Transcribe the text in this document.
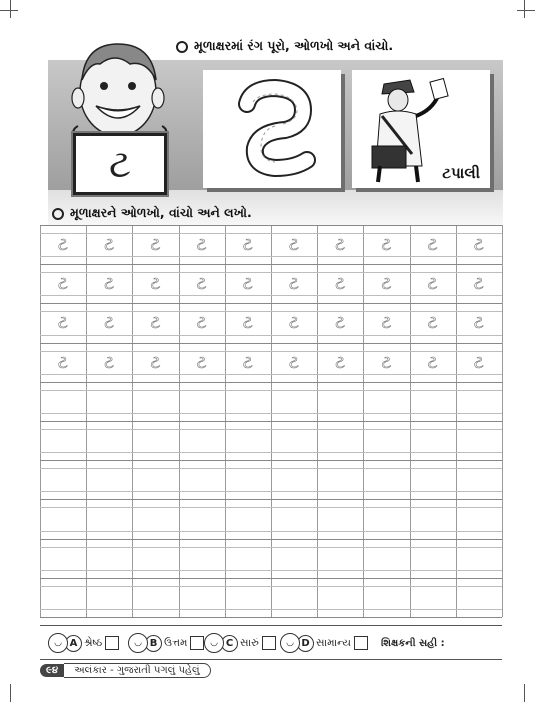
મૂળાક્ષરમાં રંગ પૂરો, ઓળખો અને વાંચો.
ટ	ટપાલી
મૂળાક્ષરને ઓળખો, વાંચો અને લખો.
ટ	ટ	ટ	ટ	ટ	ટ	ટ	ટ	ટ	ટ
ટ	ટ	ટ	ટ	ટ	ટ	ટ	ટ	ટ	ટ
ટ	ટ	ટ	ટ	ટ	ટ	ટ	ટ	ટ	ટ
ટ	ટ	ટ	ટ	ટ	ટ	ટ	ટ	ટ	ટ
◡ A શ્રેષ્ઠ	◡ B ઉત્તમ	◡ C સારું	◡ D સામાન્ય	શિક્ષકની સહી :
૯૪	અલંકાર - ગુજરાતી પગલું પહેલું
